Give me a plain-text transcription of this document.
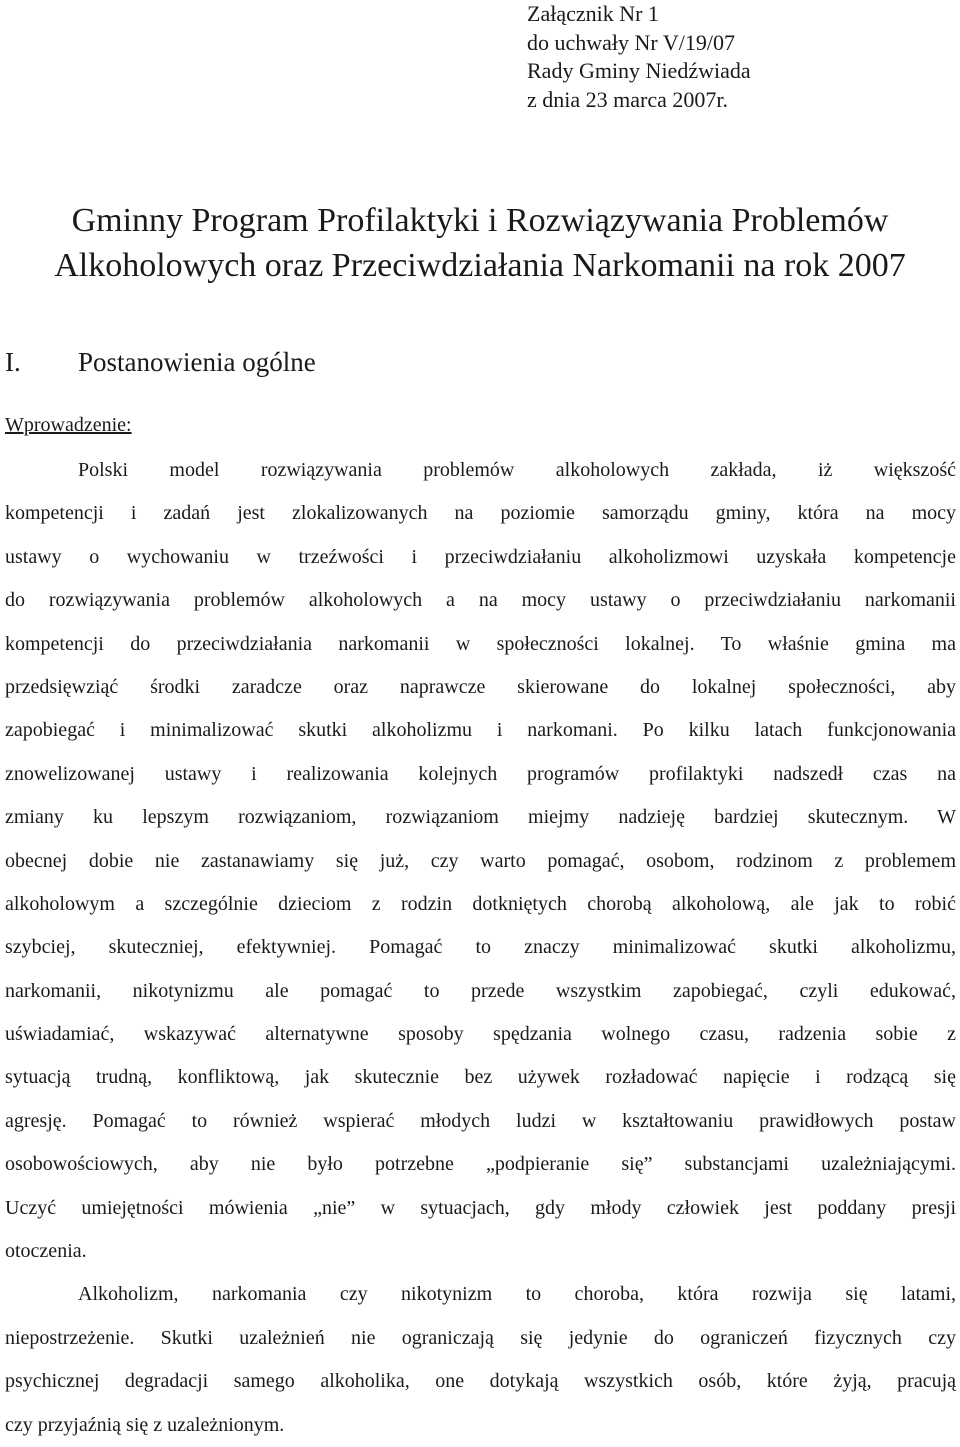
Załącznik Nr 1
do uchwały Nr V/19/07
Rady Gminy Niedźwiada
z dnia 23 marca 2007r.
Gminny Program Profilaktyki i Rozwiązywania Problemów
Alkoholowych oraz Przeciwdziałania Narkomanii na rok 2007
I. Postanowienia ogólne
Wprowadzenie:
Polski model rozwiązywania problemów alkoholowych zakłada, iż większość
kompetencji i zadań jest zlokalizowanych na poziomie samorządu gminy, która na mocy
ustawy o wychowaniu w trzeźwości i przeciwdziałaniu alkoholizmowi uzyskała kompetencje
do rozwiązywania problemów alkoholowych a na mocy ustawy o przeciwdziałaniu narkomanii
kompetencji do przeciwdziałania narkomanii w społeczności lokalnej. To właśnie gmina ma
przedsięwziąć środki zaradcze oraz naprawcze skierowane do lokalnej społeczności, aby
zapobiegać i minimalizować skutki alkoholizmu i narkomani. Po kilku latach funkcjonowania
znowelizowanej ustawy i realizowania kolejnych programów profilaktyki nadszedł czas na
zmiany ku lepszym rozwiązaniom, rozwiązaniom miejmy nadzieję bardziej skutecznym. W
obecnej dobie nie zastanawiamy się już, czy warto pomagać, osobom, rodzinom z problemem
alkoholowym a szczególnie dzieciom z rodzin dotkniętych chorobą alkoholową, ale jak to robić
szybciej, skuteczniej, efektywniej. Pomagać to znaczy minimalizować skutki alkoholizmu,
narkomanii, nikotynizmu ale pomagać to przede wszystkim zapobiegać, czyli edukować,
uświadamiać, wskazywać alternatywne sposoby spędzania wolnego czasu, radzenia sobie z
sytuacją trudną, konfliktową, jak skutecznie bez używek rozładować napięcie i rodzącą się
agresję. Pomagać to również wspierać młodych ludzi w kształtowaniu prawidłowych postaw
osobowościowych, aby nie było potrzebne „podpieranie się” substancjami uzależniającymi.
Uczyć umiejętności mówienia „nie” w sytuacjach, gdy młody człowiek jest poddany presji
otoczenia.
Alkoholizm, narkomania czy nikotynizm to choroba, która rozwija się latami,
niepostrzeżenie. Skutki uzależnień nie ograniczają się jedynie do ograniczeń fizycznych czy
psychicznej degradacji samego alkoholika, one dotykają wszystkich osób, które żyją, pracują
czy przyjaźnią się z uzależnionym.
